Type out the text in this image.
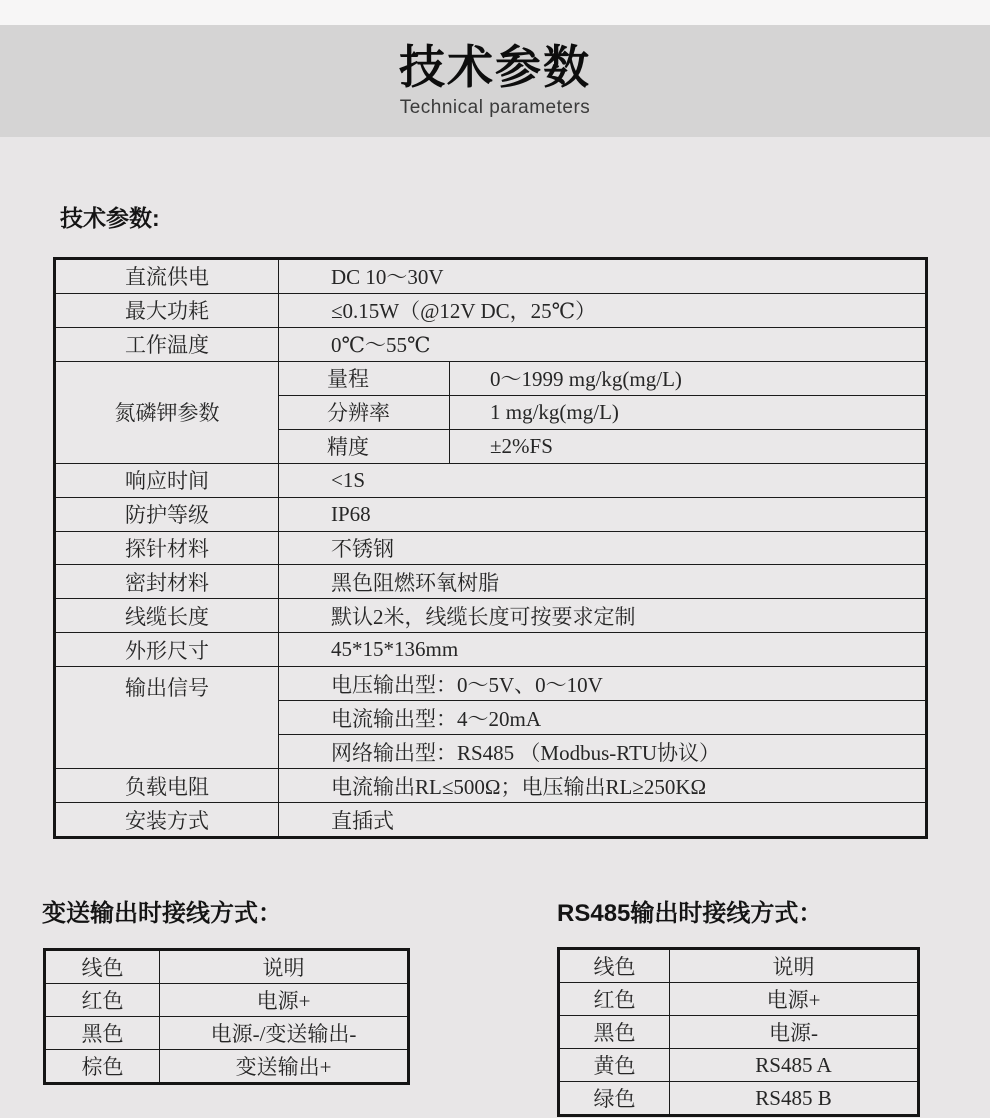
技术参数
Technical parameters
技术参数:
直流供电	DC 10～30V	
最大功耗	≤0.15W（@12V DC，25℃）	
工作温度	0℃～55℃	
氮磷钾参数	量程	0～1999 mg/kg(mg/L)
	分辨率	1 mg/kg(mg/L)
	精度	±2%FS
响应时间	<1S	
防护等级	IP68	
探针材料	不锈钢	
密封材料	黑色阻燃环氧树脂	
线缆长度	默认2米，线缆长度可按要求定制	
外形尺寸	45*15*136mm	
输出信号	电压输出型：0～5V、0～10V	
	电流输出型：4～20mA	
	网络输出型：RS485 （Modbus-RTU协议）	
负载电阻	电流输出RL≤500Ω；电压输出RL≥250KΩ	
安装方式	直插式	
变送输出时接线方式：	RS485输出时接线方式：
线色	说明
红色	电源+
黑色	电源-/变送输出-
棕色	变送输出+
线色	说明
红色	电源+
黑色	电源-
黄色	RS485 A
绿色	RS485 B
